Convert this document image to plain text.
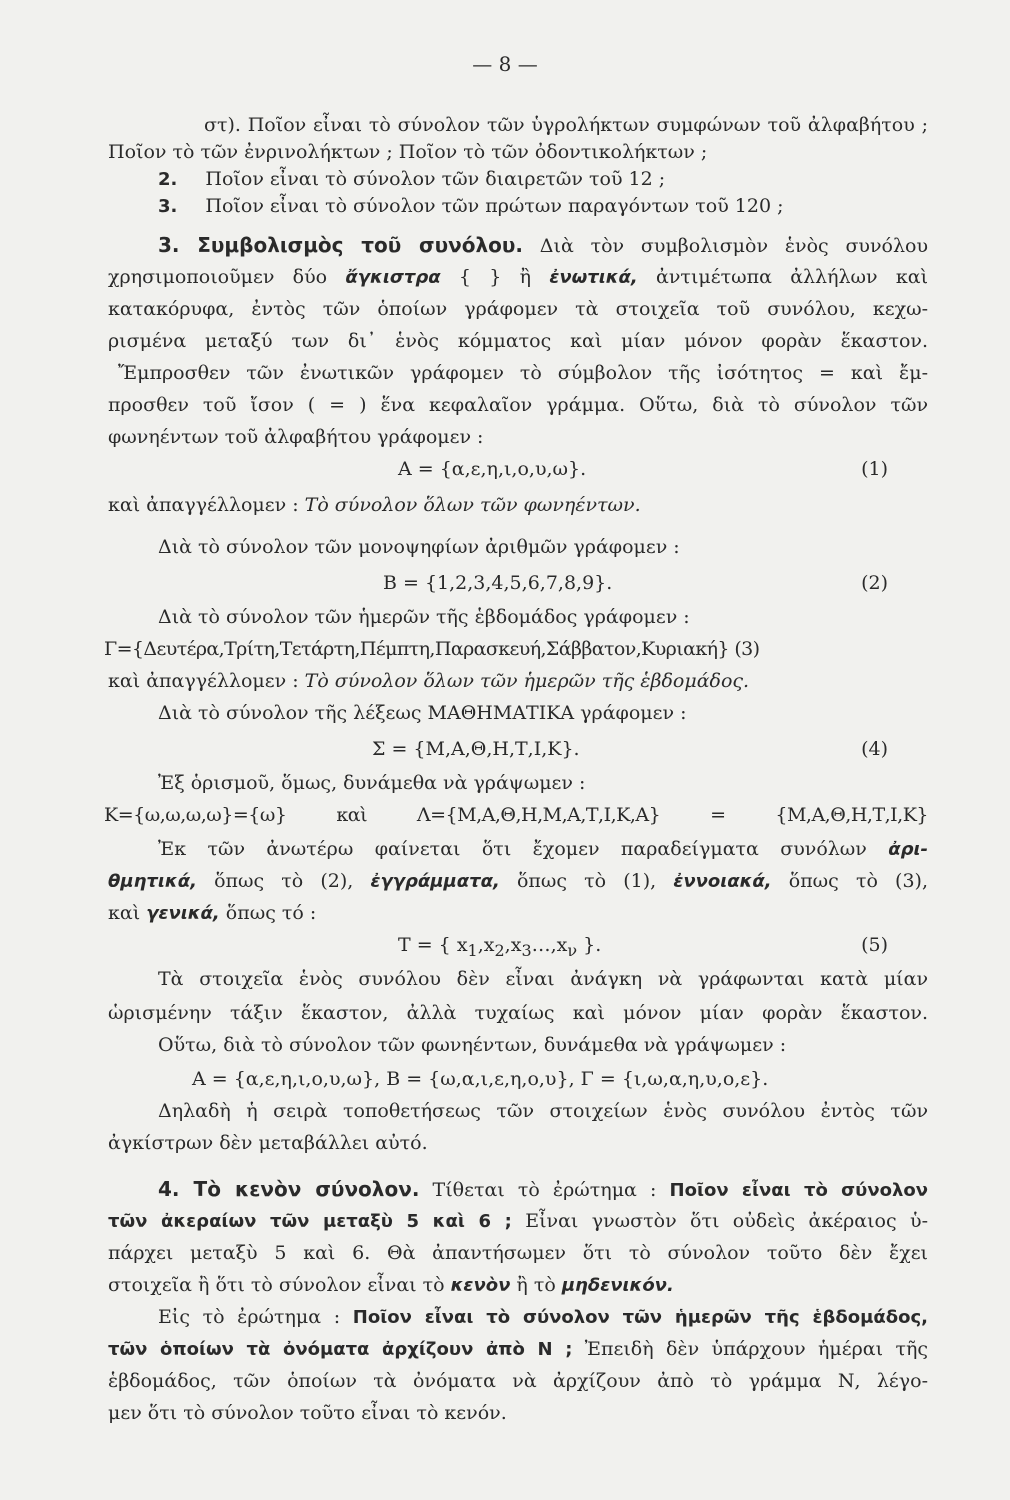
— 8 —
στ). Ποῖον εἶναι τὸ σύνολον τῶν ὑγρολήκτων συμφώνων τοῦ ἀλφαβήτου ;
Ποῖον τὸ τῶν ἐνρινολήκτων ; Ποῖον τὸ τῶν ὀδοντικολήκτων ;
2. Ποῖον εἶναι τὸ σύνολον τῶν διαιρετῶν τοῦ 12 ;
3. Ποῖον εἶναι τὸ σύνολον τῶν πρώτων παραγόντων τοῦ 120 ;
3. Συμβολισμὸς τοῦ συνόλου. Διὰ τὸν συμβολισμὸν ἑνὸς συνόλου
χρησιμοποιοῦμεν δύο ἄγκιστρα { } ἢ ἐνωτικά, ἀντιμέτωπα ἀλλήλων καὶ
κατακόρυφα, ἐντὸς τῶν ὁποίων γράφομεν τὰ στοιχεῖα τοῦ συνόλου, κεχω-
ρισμένα μεταξύ των δι᾿ ἑνὸς κόμματος καὶ μίαν μόνον φορὰν ἕκαστον.
Ἔμπροσθεν τῶν ἐνωτικῶν γράφομεν τὸ σύμβολον τῆς ἰσότητος = καὶ ἔμ-
προσθεν τοῦ ἴσον ( = ) ἕνα κεφαλαῖον γράμμα. Οὕτω, διὰ τὸ σύνολον τῶν
φωνηέντων τοῦ ἀλφαβήτου γράφομεν :
A = {α,ε,η,ι,ο,υ,ω}.	(1)
καὶ ἀπαγγέλλομεν : Τὸ σύνολον ὅλων τῶν φωνηέντων.
Διὰ τὸ σύνολον τῶν μονοψηφίων ἀριθμῶν γράφομεν :
B = {1,2,3,4,5,6,7,8,9}.	(2)
Διὰ τὸ σύνολον τῶν ἡμερῶν τῆς ἑβδομάδος γράφομεν :
Γ={Δευτέρα,Τρίτη,Τετάρτη,Πέμπτη,Παρασκευή,Σάββατον,Κυριακή} (3)
καὶ ἀπαγγέλλομεν : Τὸ σύνολον ὅλων τῶν ἡμερῶν τῆς ἑβδομάδος.
Διὰ τὸ σύνολον τῆς λέξεως ΜΑΘΗΜΑΤΙΚΑ γράφομεν :
Σ = {Μ,Α,Θ,Η,Τ,Ι,Κ}.	(4)
Ἐξ ὁρισμοῦ, ὅμως, δυνάμεθα νὰ γράψωμεν :
K={ω,ω,ω,ω}={ω} καὶ Λ={Μ,Α,Θ,Η,Μ,Α,Τ,Ι,Κ,Α} = {Μ,Α,Θ,Η,Τ,Ι,Κ}
Ἐκ τῶν ἀνωτέρω φαίνεται ὅτι ἔχομεν παραδείγματα συνόλων ἀρι-
θμητικά, ὅπως τὸ (2), ἐγγράμματα, ὅπως τὸ (1), ἐννοιακά, ὅπως τὸ (3),
καὶ γενικά, ὅπως τό :
T = { $x_1,x_2,x_3\dots,x_\nu$ }.	(5)
Τὰ στοιχεῖα ἑνὸς συνόλου δὲν εἶναι ἀνάγκη νὰ γράφωνται κατὰ μίαν
ὡρισμένην τάξιν ἕκαστον, ἀλλὰ τυχαίως καὶ μόνον μίαν φορὰν ἕκαστον.
Οὕτω, διὰ τὸ σύνολον τῶν φωνηέντων, δυνάμεθα νὰ γράψωμεν :
A = {α,ε,η,ι,ο,υ,ω}, B = {ω,α,ι,ε,η,ο,υ}, Γ = {ι,ω,α,η,υ,ο,ε}.
Δηλαδὴ ἡ σειρὰ τοποθετήσεως τῶν στοιχείων ἑνὸς συνόλου ἐντὸς τῶν
ἀγκίστρων δὲν μεταβάλλει αὐτό.
4. Τὸ κενὸν σύνολον. Τίθεται τὸ ἐρώτημα : Ποῖον εἶναι τὸ σύνολον
τῶν ἀκεραίων τῶν μεταξὺ 5 καὶ 6 ; Εἶναι γνωστὸν ὅτι οὐδεὶς ἀκέραιος ὑ-
πάρχει μεταξὺ 5 καὶ 6. Θὰ ἀπαντήσωμεν ὅτι τὸ σύνολον τοῦτο δὲν ἔχει
στοιχεῖα ἢ ὅτι τὸ σύνολον εἶναι τὸ κενὸν ἢ τὸ μηδενικόν.
Εἰς τὸ ἐρώτημα : Ποῖον εἶναι τὸ σύνολον τῶν ἡμερῶν τῆς ἑβδομάδος,
τῶν ὁποίων τὰ ὀνόματα ἀρχίζουν ἀπὸ Ν ; Ἐπειδὴ δὲν ὑπάρχουν ἡμέραι τῆς
ἑβδομάδος, τῶν ὁποίων τὰ ὀνόματα νὰ ἀρχίζουν ἀπὸ τὸ γράμμα Ν, λέγο-
μεν ὅτι τὸ σύνολον τοῦτο εἶναι τὸ κενόν.
